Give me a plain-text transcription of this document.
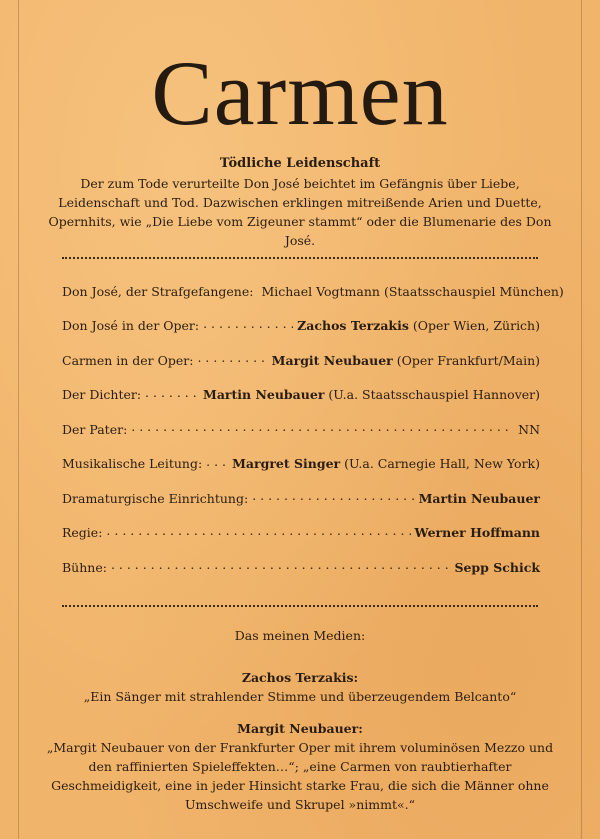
Carmen
Tödliche Leidenschaft
Der zum Tode verurteilte Don José beichtet im Gefängnis über Liebe, Leidenschaft und Tod. Dazwischen erklingen mitreißende Arien und Duette, Opernhits, wie „Die Liebe vom Zigeuner stammt“ oder die Blumenarie des Don José.
Don José, der Strafgefangene: Michael Vogtmann (Staatsschauspiel München)
Don José in der Oper: . . .	Zachos Terzakis (Oper Wien, Zürich)
Carmen in der Oper: . . .	Margit Neubauer (Oper Frankfurt/Main)
Der Dichter: . . .	Martin Neubauer (U.a. Staatsschauspiel Hannover)
Der Pater: . . .	NN
Musikalische Leitung: . . . Margret Singer (U.a. Carnegie Hall, New York)
Dramaturgische Einrichtung: . . .	Martin Neubauer
Regie: . . .	Werner Hoffmann
Bühne: . . .	Sepp Schick
Das meinen Medien:
Zachos Terzakis:
„Ein Sänger mit strahlender Stimme und überzeugendem Belcanto“
Margit Neubauer:
„Margit Neubauer von der Frankfurter Oper mit ihrem voluminösen Mezzo und den raffinierten Spieleffekten…“; „eine Carmen von raubtierhafter Geschmeidigkeit, eine in jeder Hinsicht starke Frau, die sich die Männer ohne Umschweife und Skrupel »nimmt«.“
